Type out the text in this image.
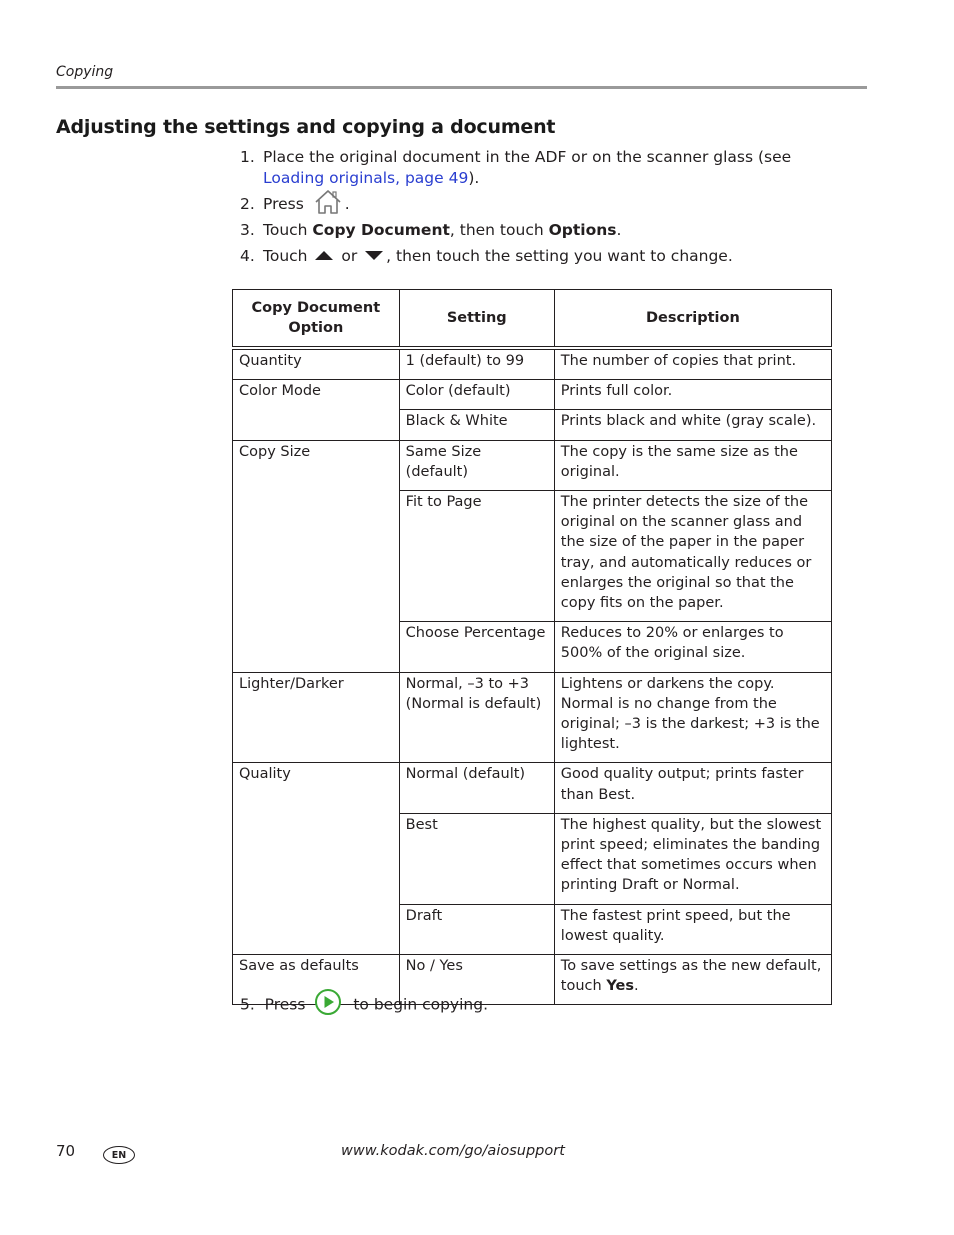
Copying
Adjusting the settings and copying a document
1. Place the original document in the ADF or on the scanner glass (see Loading originals, page 49).
2. Press	.
3. Touch Copy Document, then touch Options.
4. Touch or , then touch the setting you want to change.
Copy Document Option	Setting	Description
Quantity	1 (default) to 99	The number of copies that print.
Color Mode	Color (default)	Prints full color.
	Black & White	Prints black and white (gray scale).
Copy Size	Same Size (default)	The copy is the same size as the original.
	Fit to Page	The printer detects the size of the original on the scanner glass and the size of the paper in the paper tray, and automatically reduces or enlarges the original so that the copy fits on the paper.
	Choose Percentage	Reduces to 20% or enlarges to 500% of the original size.
Lighter/Darker	Normal, –3 to +3 (Normal is default)	Lightens or darkens the copy. Normal is no change from the original; –3 is the darkest; +3 is the lightest.
Quality	Normal (default)	Good quality output; prints faster than Best.
	Best	The highest quality, but the slowest print speed; eliminates the banding effect that sometimes occurs when printing Draft or Normal.
	Draft	The fastest print speed, but the lowest quality.
Save as defaults	No / Yes	To save settings as the new default, touch Yes.
5. Press	to begin copying.
70	EN	www.kodak.com/go/aiosupport
